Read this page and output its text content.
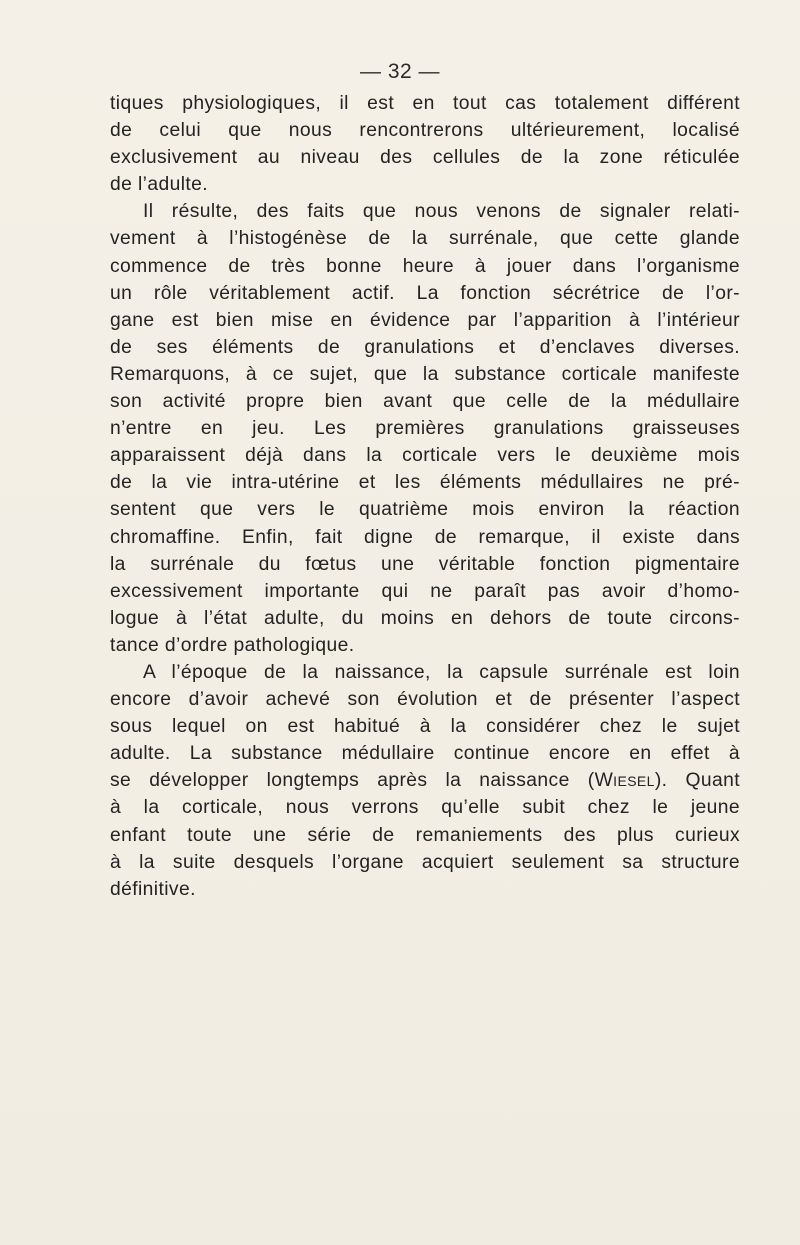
— 32 —
tiques physiologiques, il est en tout cas totalement différent
de celui que nous rencontrerons ultérieurement, localisé
exclusivement au niveau des cellules de la zone réticulée
de l’adulte.
Il résulte, des faits que nous venons de signaler relati-
vement à l’histogénèse de la surrénale, que cette glande
commence de très bonne heure à jouer dans l’organisme
un rôle véritablement actif. La fonction sécrétrice de l’or-
gane est bien mise en évidence par l’apparition à l’intérieur
de ses éléments de granulations et d’enclaves diverses.
Remarquons, à ce sujet, que la substance corticale manifeste
son activité propre bien avant que celle de la médullaire
n’entre en jeu. Les premières granulations graisseuses
apparaissent déjà dans la corticale vers le deuxième mois
de la vie intra-utérine et les éléments médullaires ne pré-
sentent que vers le quatrième mois environ la réaction
chromaffine. Enfin, fait digne de remarque, il existe dans
la surrénale du fœtus une véritable fonction pigmentaire
excessivement importante qui ne paraît pas avoir d’homo-
logue à l’état adulte, du moins en dehors de toute circons-
tance d’ordre pathologique.
A l’époque de la naissance, la capsule surrénale est loin
encore d’avoir achevé son évolution et de présenter l’aspect
sous lequel on est habitué à la considérer chez le sujet
adulte. La substance médullaire continue encore en effet à
se développer longtemps après la naissance (Wiesel). Quant
à la corticale, nous verrons qu’elle subit chez le jeune
enfant toute une série de remaniements des plus curieux
à la suite desquels l’organe acquiert seulement sa structure
définitive.
